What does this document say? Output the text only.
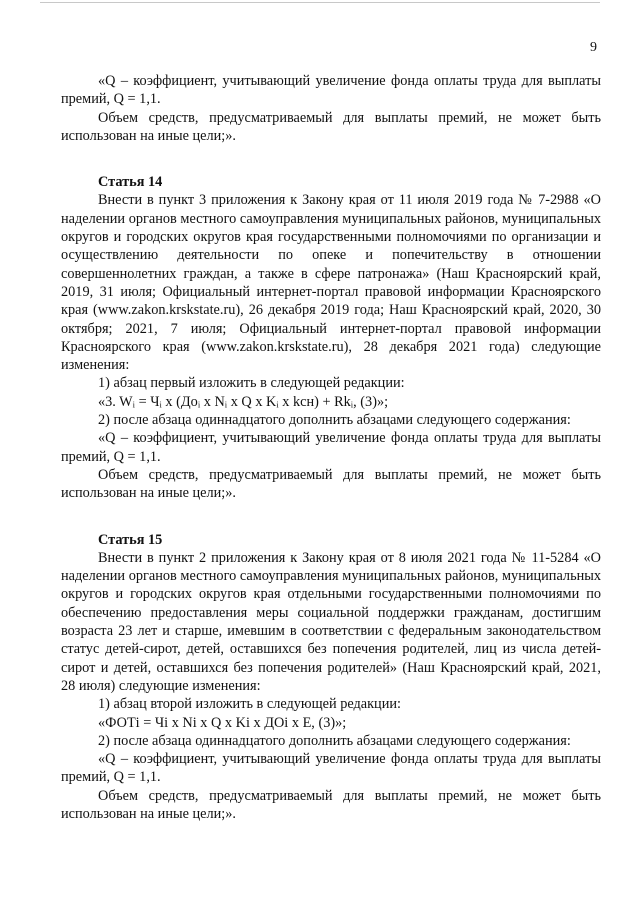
9

«Q – коэффициент, учитывающий увеличение фонда оплаты труда для выплаты премий, Q = 1,1.

Объем средств, предусматриваемый для выплаты премий, не может быть использован на иные цели;».

Статья 14

Внести в пункт 3 приложения к Закону края от 11 июля 2019 года № 7-2988 «О наделении органов местного самоуправления муниципальных районов, муниципальных округов и городских округов края государственными полномочиями по организации и осуществлению деятельности по опеке и попечительству в отношении совершеннолетних граждан, а также в сфере патронажа» (Наш Красноярский край, 2019, 31 июля; Официальный интернет-портал правовой информации Красноярского края (www.zakon.krskstate.ru), 26 декабря 2019 года; Наш Красноярский край, 2020, 30 октября; 2021, 7 июля; Официальный интернет-портал правовой информации Красноярского края (www.zakon.krskstate.ru), 28 декабря 2021 года) следующие изменения:

1) абзац первый изложить в следующей редакции:

«3. Wᵢ = Чᵢ x (Доᵢ x Nᵢ x Q x Kᵢ x kсн) + Rkᵢ, (3)»;

2) после абзаца одиннадцатого дополнить абзацами следующего содержания:

«Q – коэффициент, учитывающий увеличение фонда оплаты труда для выплаты премий, Q = 1,1.

Объем средств, предусматриваемый для выплаты премий, не может быть использован на иные цели;».

Статья 15

Внести в пункт 2 приложения к Закону края от 8 июля 2021 года № 11-5284 «О наделении органов местного самоуправления муниципальных районов, муниципальных округов и городских округов края отдельными государственными полномочиями по обеспечению предоставления меры социальной поддержки гражданам, достигшим возраста 23 лет и старше, имевшим в соответствии с федеральным законодательством статус детей-сирот, детей, оставшихся без попечения родителей, лиц из числа детей-сирот и детей, оставшихся без попечения родителей» (Наш Красноярский край, 2021, 28 июля) следующие изменения:

1) абзац второй изложить в следующей редакции:

«ФОТi = Чi x Ni x Q x Ki x ДОi x E, (3)»;

2) после абзаца одиннадцатого дополнить абзацами следующего содержания:

«Q – коэффициент, учитывающий увеличение фонда оплаты труда для выплаты премий, Q = 1,1.

Объем средств, предусматриваемый для выплаты премий, не может быть использован на иные цели;».
